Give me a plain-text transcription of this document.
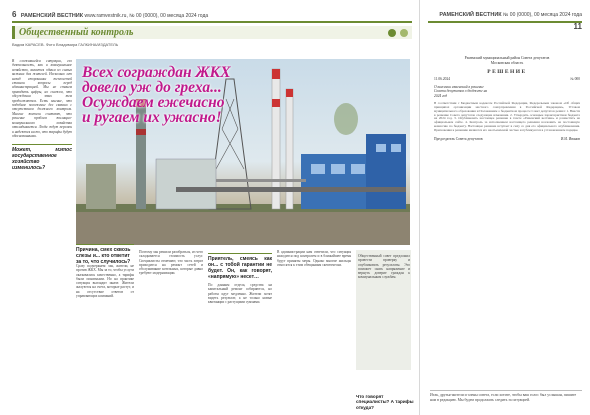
6 РАМЕНСКИЙ ВЕСТНИК www.ramvestnik.ru, № 00 (0000), 00 месяца 2024 года
Общественный контроль

Вадим КАРАСЕВ. Фото Владимира ГАЛКИНА/ИЗДАТЕЛЬ
В сложившейся ситуации, его деятельность, как и коммунальное хозяйство, является одним из самых важных для жителей. Несколько лет назад сторонники теплосетей ставили вопросы перед администрацией. Мы не станем приводить цифры, но скажем, что обсуждения этих тем продолжаются. Есть мнение, что подобное положение дел связано с отсутствием должного контроля. Многие жители считают, что решение проблем жилищно-коммунального хозяйства откладывается. Люди ждут перемен и надеются на то, что тарифы будут обоснованными.
Может, мэтос государственное хозяйство изменилось?
Всех сограждан ЖКХ
довело уж до греха...
Осуждаем ежечасно
и ругаем их ужасно!
Причина, смех сквозь слезы и... кто ответит за то, что случилось?
Сразу подчеркнем: мы, жители, не против ЖКХ. Мы за то, чтобы услуги оказывались качественно, а тарифы были понятными. Но на практике ситуация выглядит иначе. Жители жалуются на счета, которые растут, и на отсутствие ответов от управляющих компаний.
Поэтому мы решили разобраться, из чего складывается стоимость услуг. Специалисты отмечают, что часть затрат приходится на ремонт сетей и обслуживание котельных, которые давно требуют модернизации.
Приятель, смеясь как он... с тобой гарантии не будет. Он, как говорят, «напрямую» несет…
По данным отдела, средства на капитальный ремонт собираются, но работы идут медленно. Жители хотят видеть результат, а не только новые квитанции с растущими суммами.
В администрации нам ответили, что ситуация находится под контролем и в ближайшее время будут приняты меры. Однако многие жильцы относятся к этим обещаниям скептически.
Общественный совет предложил провести проверку и опубликовать результаты. Это поможет снять напряжение и вернуть доверие граждан к коммунальным службам.
Что говорят специалисты? А тарифы откуда?
РАМЕНСКИЙ ВЕСТНИК № 00 (0000), 00 месяца 2024 года 11
Раменский муниципальный район Совета депутатов
Московская область
РЕШЕНИЕ
11.06.2024	№ 000
О внесении изменений в решение Совета депутатов о бюджете на 2024 год
В соответствии с Бюджетным кодексом Российской Федерации, Федеральным законом «Об общих принципах организации местного самоуправления в Российской Федерации», Уставом муниципального образования и Положением о бюджетном процессе Совет депутатов решил: 1. Внести в решение Совета депутатов следующие изменения. 2. Утвердить основные характеристики бюджета на 2024 год. 3. Опубликовать настоящее решение в газете «Раменский вестник» и разместить на официальном сайте. 4. Контроль за исполнением настоящего решения возложить на постоянную комиссию по бюджету. Настоящее решение вступает в силу со дня его официального опубликования. Приложения к решению являются его неотъемлемой частью и публикуются в установленном порядке.
Председатель Совета депутатов	И.И. Иванов
Итак, друзья-жители и члены совета, если хотите, чтобы ваш голос был услышан, пишите нам в редакцию. Мы будем продолжать следить за ситуацией.
